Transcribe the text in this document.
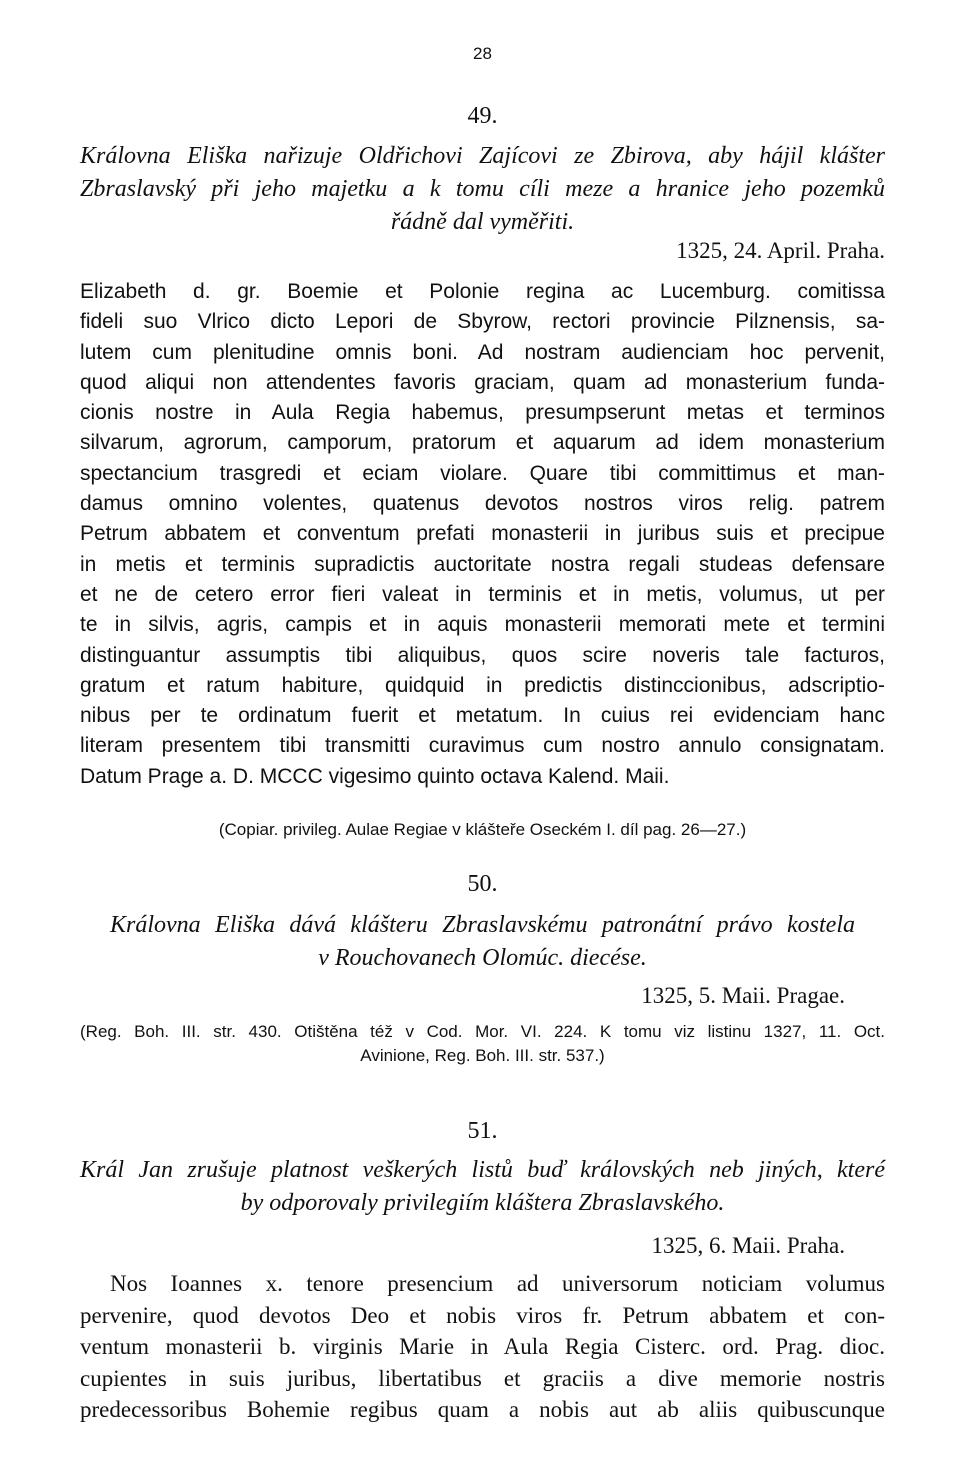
28
49.
Královna Eliška nařizuje Oldřichovi Zajícovi ze Zbirova, aby hájil klášter
Zbraslavský při jeho majetku a k tomu cíli meze a hranice jeho pozemků
řádně dal vyměřiti.
1325, 24. April. Praha.
Elizabeth d. gr. Boemie et Polonie regina ac Lucemburg. comitissa
fideli suo Vlrico dicto Lepori de Sbyrow, rectori provincie Pilznensis, sa-
lutem cum plenitudine omnis boni. Ad nostram audienciam hoc pervenit,
quod aliqui non attendentes favoris graciam, quam ad monasterium funda-
cionis nostre in Aula Regia habemus, presumpserunt metas et terminos
silvarum, agrorum, camporum, pratorum et aquarum ad idem monasterium
spectancium trasgredi et eciam violare. Quare tibi committimus et man-
damus omnino volentes, quatenus devotos nostros viros relig. patrem
Petrum abbatem et conventum prefati monasterii in juribus suis et precipue
in metis et terminis supradictis auctoritate nostra regali studeas defensare
et ne de cetero error fieri valeat in terminis et in metis, volumus, ut per
te in silvis, agris, campis et in aquis monasterii memorati mete et termini
distinguantur assumptis tibi aliquibus, quos scire noveris tale facturos,
gratum et ratum habiture, quidquid in predictis distinccionibus, adscriptio-
nibus per te ordinatum fuerit et metatum. In cuius rei evidenciam hanc
literam presentem tibi transmitti curavimus cum nostro annulo consignatam.
Datum Prage a. D. MCCC vigesimo quinto octava Kalend. Maii.
(Copiar. privileg. Aulae Regiae v klášteře Oseckém I. díl pag. 26—27.)
50.
Královna Eliška dává klášteru Zbraslavskému patronátní právo kostela
v Rouchovanech Olomúc. diecése.
1325, 5. Maii. Pragae.
(Reg. Boh. III. str. 430. Otištěna též v Cod. Mor. VI. 224. K tomu viz listinu 1327, 11. Oct.
Avinione, Reg. Boh. III. str. 537.)
51.
Král Jan zrušuje platnost veškerých listů buď královských neb jiných, které
by odporovaly privilegiím kláštera Zbraslavského.
1325, 6. Maii. Praha.
Nos Ioannes x. tenore presencium ad universorum noticiam volumus
pervenire, quod devotos Deo et nobis viros fr. Petrum abbatem et con-
ventum monasterii b. virginis Marie in Aula Regia Cisterc. ord. Prag. dioc.
cupientes in suis juribus, libertatibus et graciis a dive memorie nostris
predecessoribus Bohemie regibus quam a nobis aut ab aliis quibuscunque
